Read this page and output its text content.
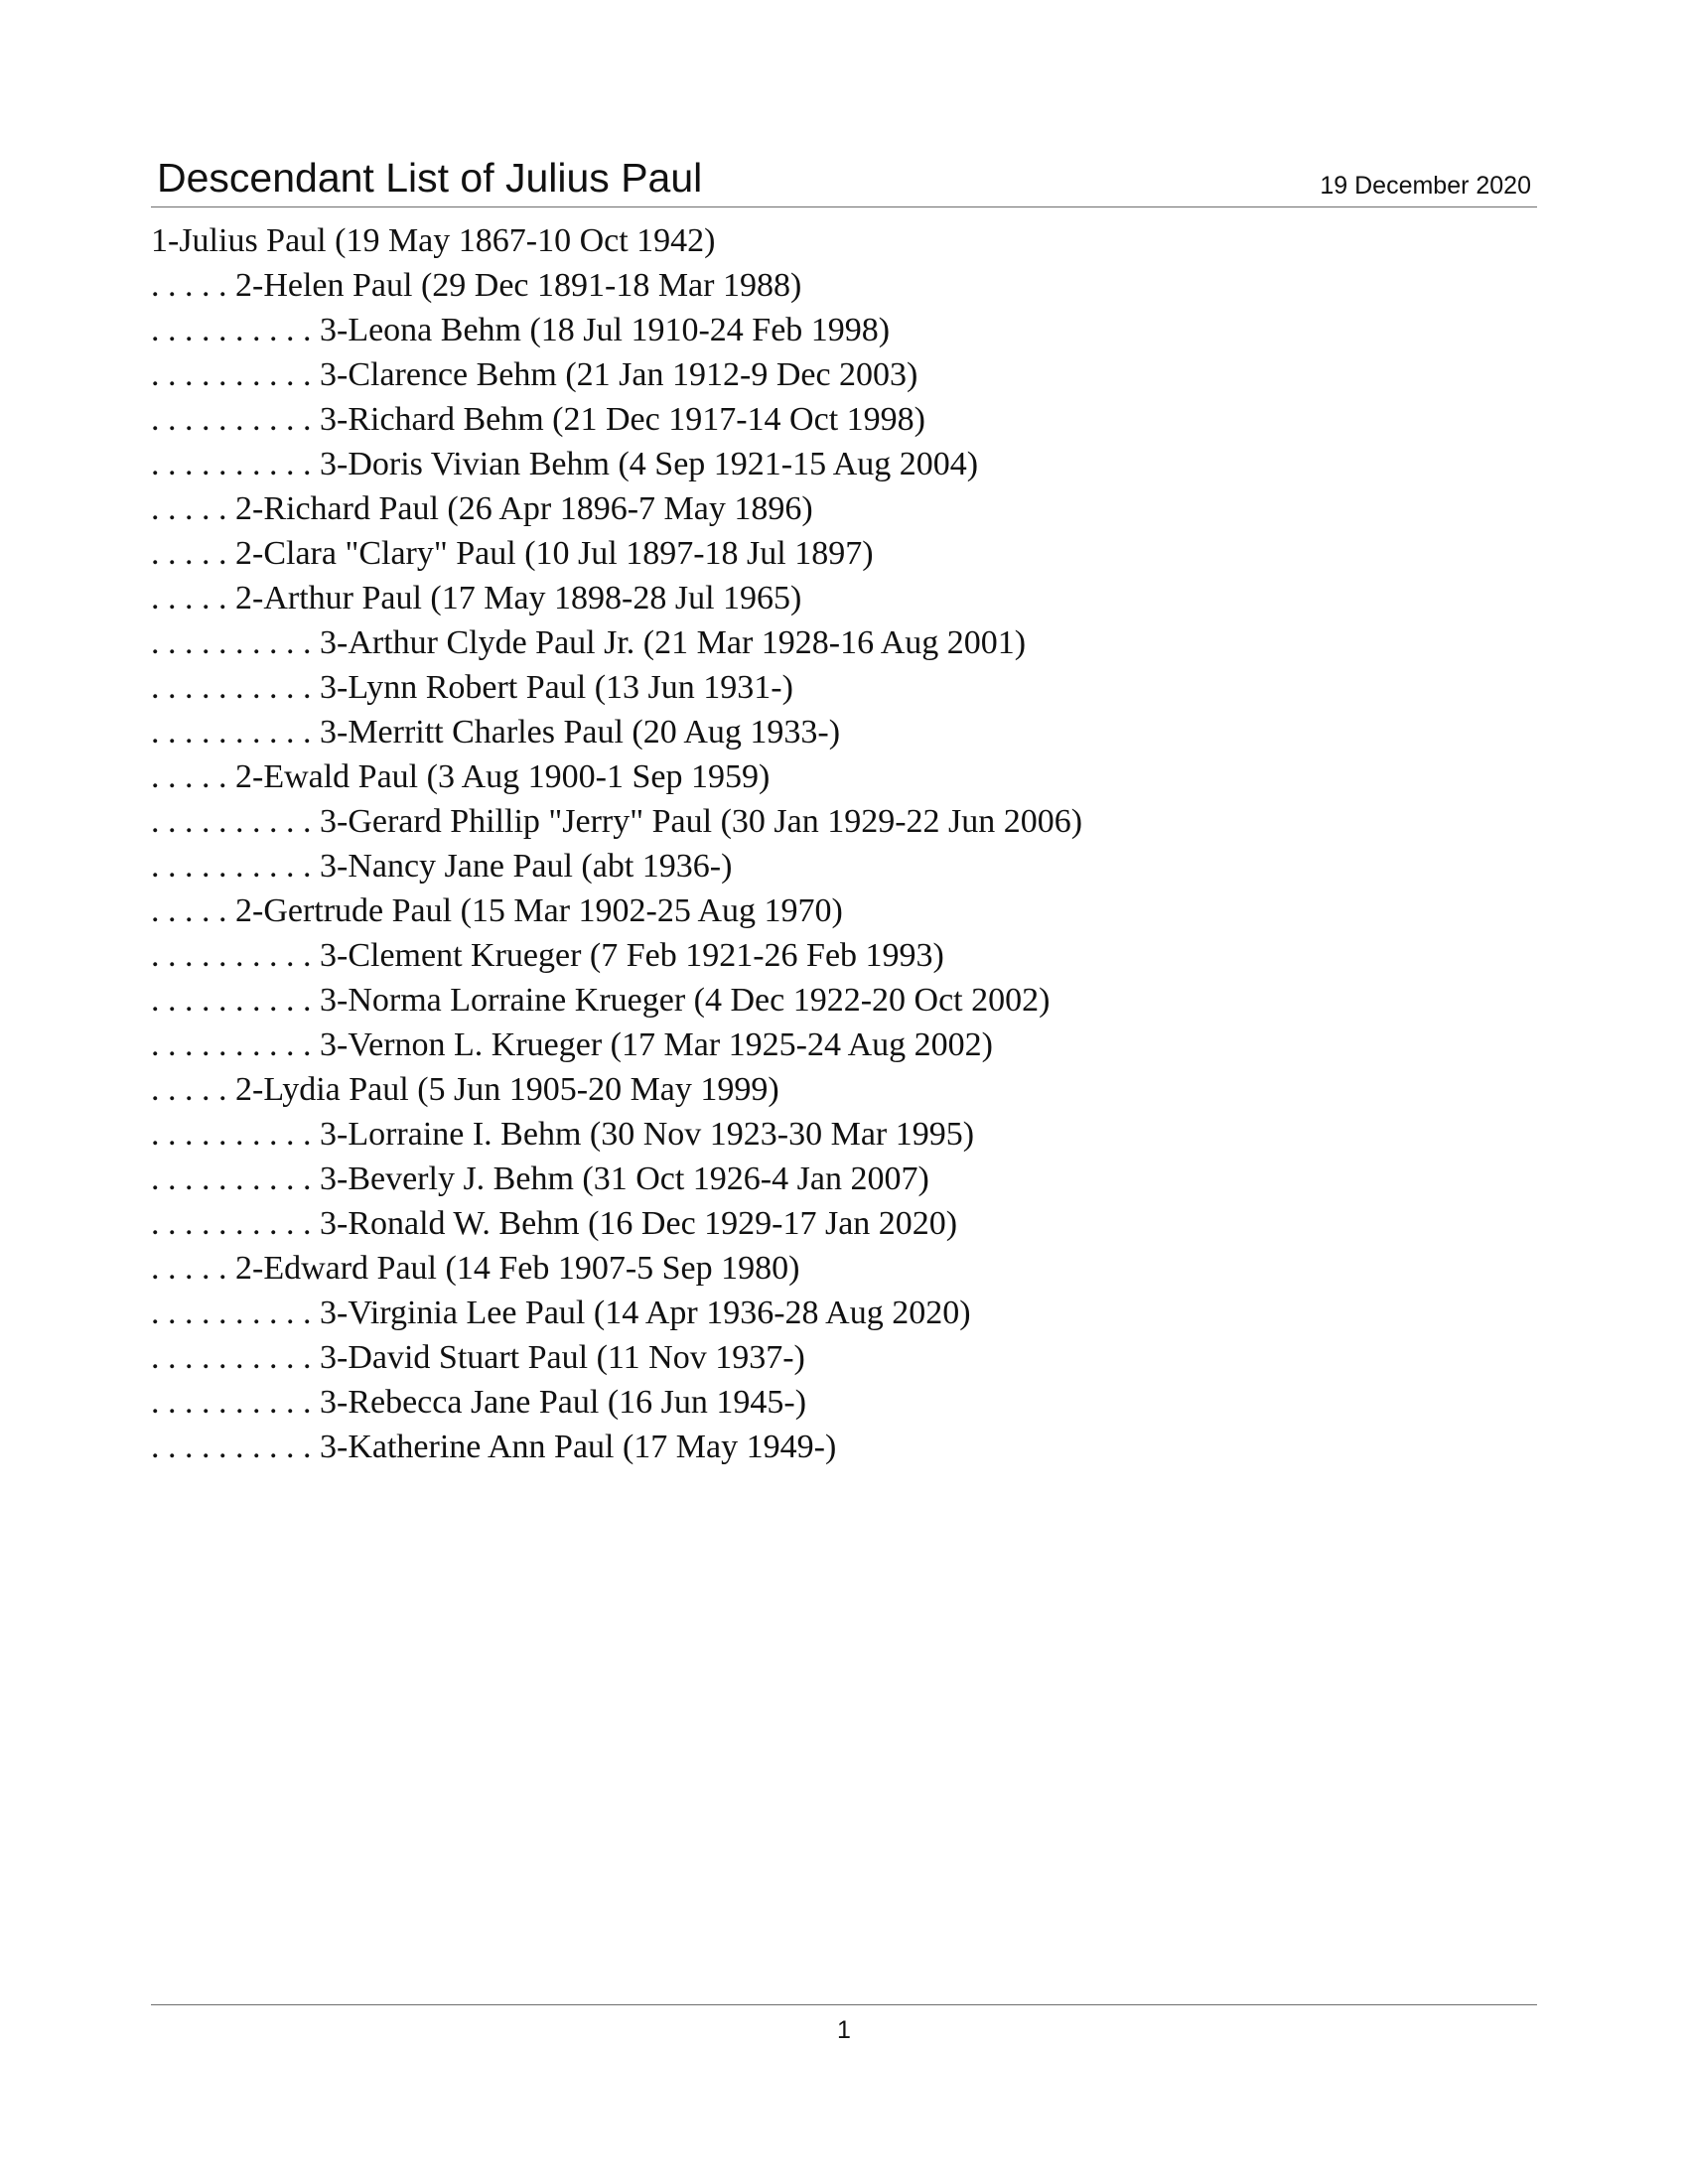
Descendant List of Julius Paul	19 December 2020
1-Julius Paul (19 May 1867-10 Oct 1942)
. . . . . 2-Helen Paul (29 Dec 1891-18 Mar 1988)
. . . . . . . . . . 3-Leona Behm (18 Jul 1910-24 Feb 1998)
. . . . . . . . . . 3-Clarence Behm (21 Jan 1912-9 Dec 2003)
. . . . . . . . . . 3-Richard Behm (21 Dec 1917-14 Oct 1998)
. . . . . . . . . . 3-Doris Vivian Behm (4 Sep 1921-15 Aug 2004)
. . . . . 2-Richard Paul (26 Apr 1896-7 May 1896)
. . . . . 2-Clara "Clary" Paul (10 Jul 1897-18 Jul 1897)
. . . . . 2-Arthur Paul (17 May 1898-28 Jul 1965)
. . . . . . . . . . 3-Arthur Clyde Paul Jr. (21 Mar 1928-16 Aug 2001)
. . . . . . . . . . 3-Lynn Robert Paul (13 Jun 1931-)
. . . . . . . . . . 3-Merritt Charles Paul (20 Aug 1933-)
. . . . . 2-Ewald Paul (3 Aug 1900-1 Sep 1959)
. . . . . . . . . . 3-Gerard Phillip "Jerry" Paul (30 Jan 1929-22 Jun 2006)
. . . . . . . . . . 3-Nancy Jane Paul (abt 1936-)
. . . . . 2-Gertrude Paul (15 Mar 1902-25 Aug 1970)
. . . . . . . . . . 3-Clement Krueger (7 Feb 1921-26 Feb 1993)
. . . . . . . . . . 3-Norma Lorraine Krueger (4 Dec 1922-20 Oct 2002)
. . . . . . . . . . 3-Vernon L. Krueger (17 Mar 1925-24 Aug 2002)
. . . . . 2-Lydia Paul (5 Jun 1905-20 May 1999)
. . . . . . . . . . 3-Lorraine I. Behm (30 Nov 1923-30 Mar 1995)
. . . . . . . . . . 3-Beverly J. Behm (31 Oct 1926-4 Jan 2007)
. . . . . . . . . . 3-Ronald W. Behm (16 Dec 1929-17 Jan 2020)
. . . . . 2-Edward Paul (14 Feb 1907-5 Sep 1980)
. . . . . . . . . . 3-Virginia Lee Paul (14 Apr 1936-28 Aug 2020)
. . . . . . . . . . 3-David Stuart Paul (11 Nov 1937-)
. . . . . . . . . . 3-Rebecca Jane Paul (16 Jun 1945-)
. . . . . . . . . . 3-Katherine Ann Paul (17 May 1949-)
1
